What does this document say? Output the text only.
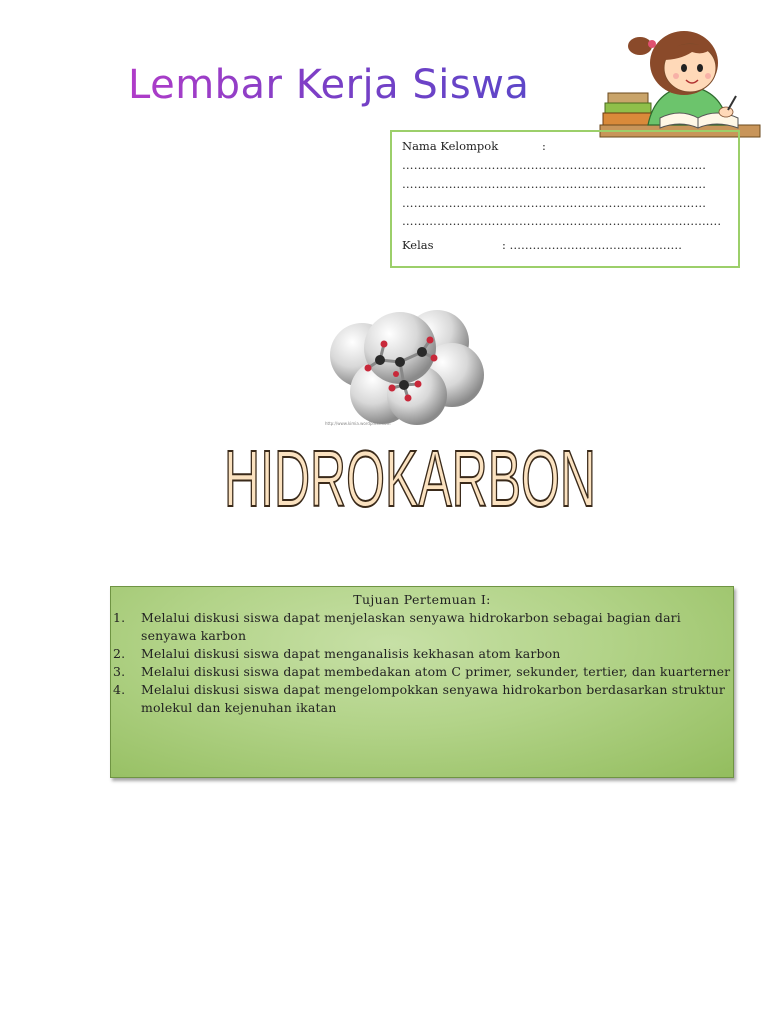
Lembar Kerja Siswa
Nama Kelompok	:
……………………………………………………………………
……………………………………………………………………
……………………………………………………………………
…………………………………………………………….............
Kelas	: ………………………………………
http://www.kimia.wordpress.com
HIDROKARBON
Tujuan Pertemuan I:
1. Melalui diskusi siswa dapat menjelaskan senyawa hidrokarbon sebagai bagian dari senyawa karbon
2. Melalui diskusi siswa dapat menganalisis kekhasan atom karbon
3. Melalui diskusi siswa dapat membedakan atom C primer, sekunder, tertier, dan kuarterner
4. Melalui diskusi siswa dapat mengelompokkan senyawa hidrokarbon berdasarkan struktur molekul dan kejenuhan ikatan
